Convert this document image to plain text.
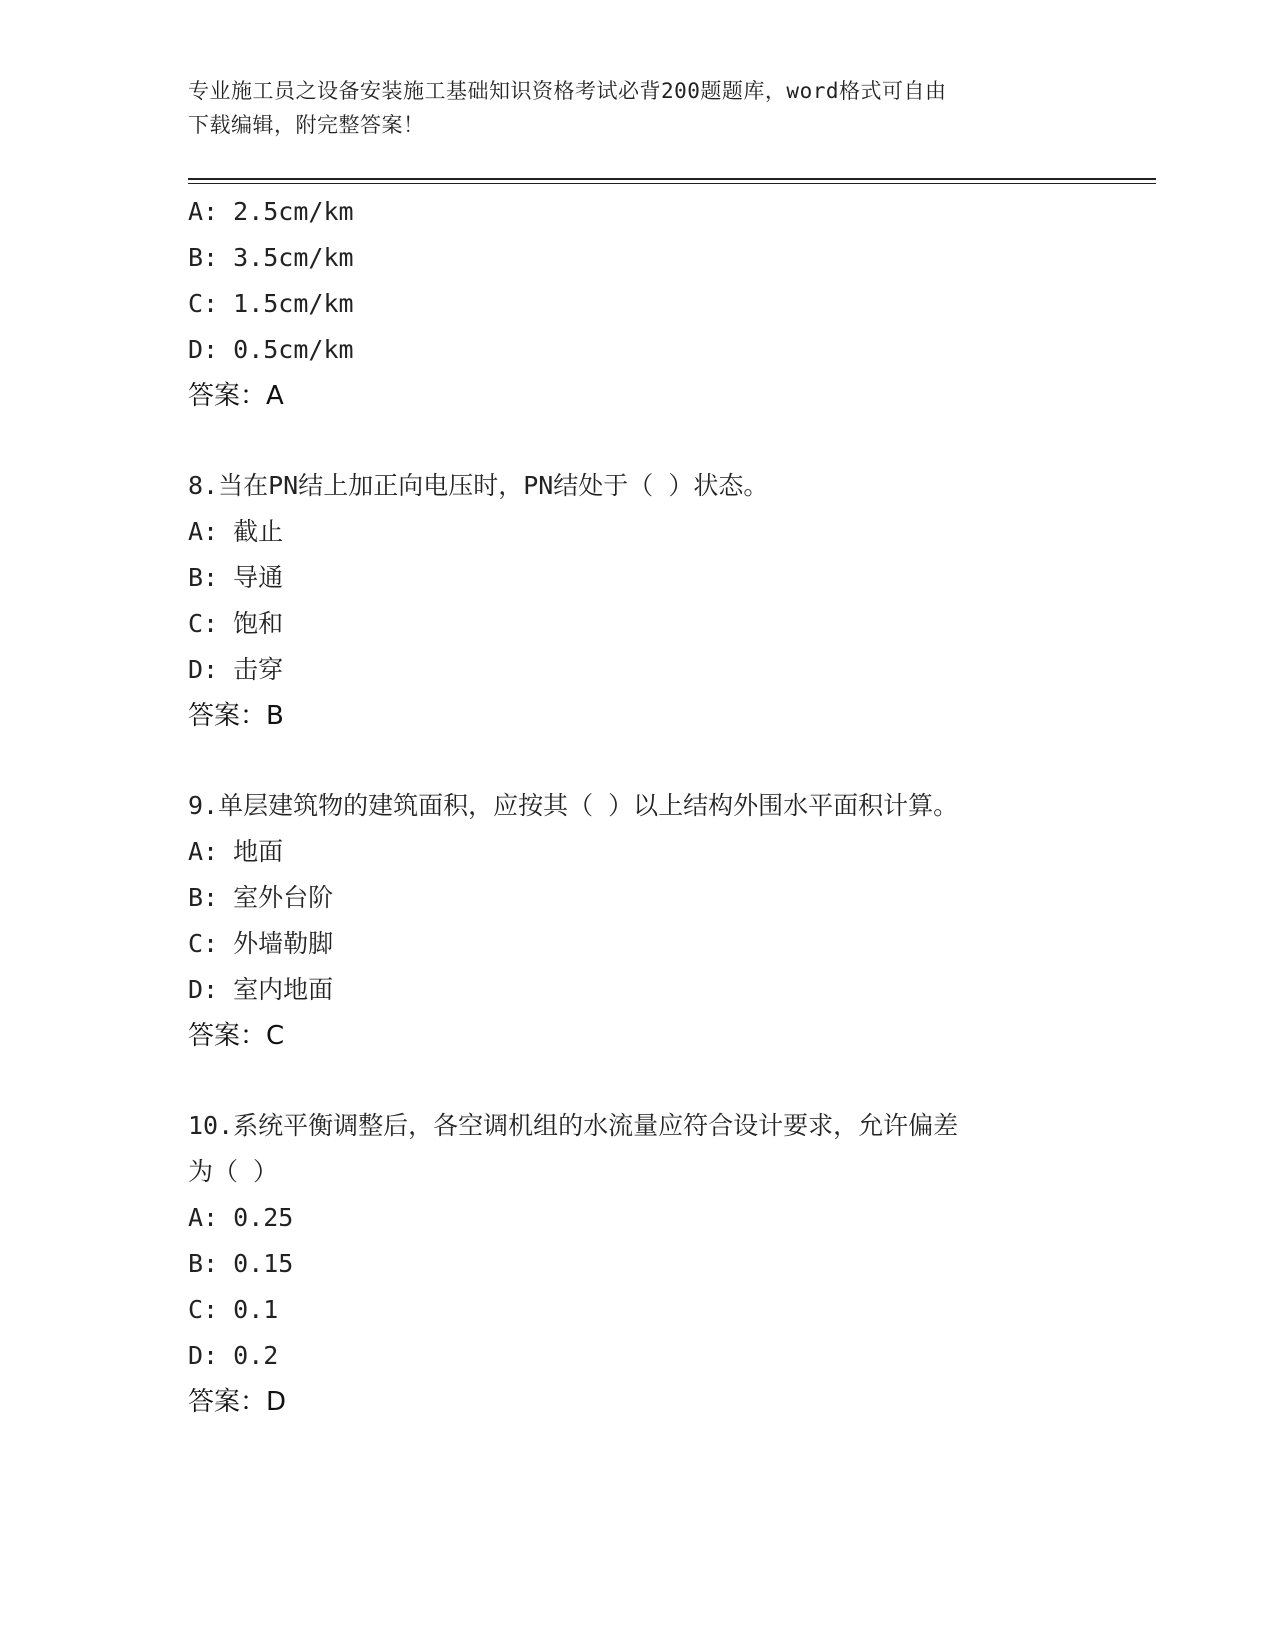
专业施工员之设备安装施工基础知识资格考试必背200题题库，word格式可自由
下载编辑，附完整答案！
A: 2.5cm/km
B: 3.5cm/km
C: 1.5cm/km
D: 0.5cm/km
答案：A
8.当在PN结上加正向电压时，PN结处于（ ）状态。
A: 截止
B: 导通
C: 饱和
D: 击穿
答案：B
9.单层建筑物的建筑面积，应按其（ ）以上结构外围水平面积计算。
A: 地面
B: 室外台阶
C: 外墙勒脚
D: 室内地面
答案：C
10.系统平衡调整后，各空调机组的水流量应符合设计要求，允许偏差
为（ ）
A: 0.25
B: 0.15
C: 0.1
D: 0.2
答案：D
